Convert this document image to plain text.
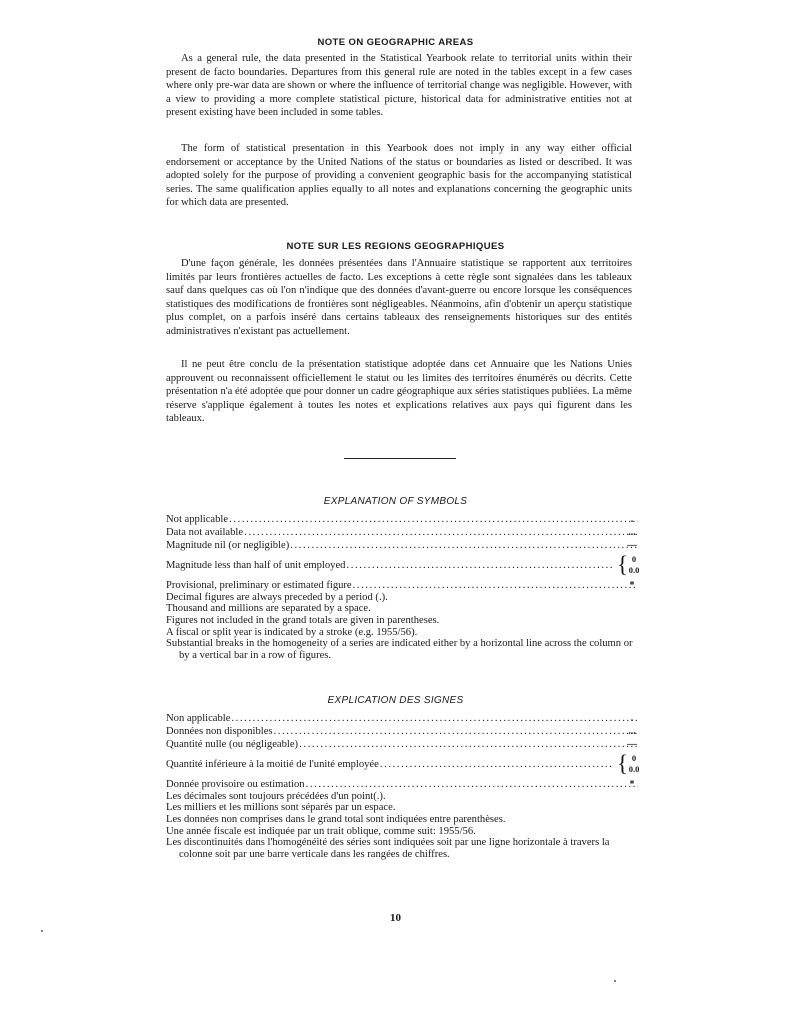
NOTE ON GEOGRAPHIC AREAS

As a general rule, the data presented in the Statistical Yearbook relate to territorial units within their present de facto boundaries. Departures from this general rule are noted in the tables except in a few cases where only pre-war data are shown or where the influence of territorial change was negligible. However, with a view to providing a more complete statistical picture, historical data for administrative entities not at present existing have been included in some tables.

The form of statistical presentation in this Yearbook does not imply in any way either official endorsement or acceptance by the United Nations of the status or boundaries as listed or described. It was adopted solely for the purpose of providing a convenient geographic basis for the accompanying statistical series. The same qualification applies equally to all notes and explanations concerning the geographic units for which data are presented.

NOTE SUR LES REGIONS GEOGRAPHIQUES

D'une façon générale, les données présentées dans l'Annuaire statistique se rapportent aux territoires limités par leurs frontières actuelles de facto. Les exceptions à cette règle sont signalées dans les tableaux sauf dans quelques cas où l'on n'indique que des données d'avant-guerre ou encore lorsque les conséquences statistiques des modifications de frontières sont négligeables. Néanmoins, afin d'obtenir un aperçu statistique plus complet, on a parfois inséré dans certains tableaux des renseignements historiques sur des entités administratives n'existant pas actuellement.

Il ne peut être conclu de la présentation statistique adoptée dans cet Annuaire que les Nations Unies approuvent ou reconnaissent officiellement le statut ou les limites des territoires énumérés ou décrits. Cette présentation n'a été adoptée que pour donner un cadre géographique aux séries statistiques publiées. La même réserve s'applique également à toutes les notes et explications relatives aux pays qui figurent dans les tableaux.

EXPLANATION OF SYMBOLS
Not applicable .....	.
Data not available .....	...
Magnitude nil (or negligible) .....	—
Magnitude less than half of unit employed .....	{ 0
0.0
Provisional, preliminary or estimated figure .....	*
Decimal figures are always preceded by a period (.).
Thousand and millions are separated by a space.
Figures not included in the grand totals are given in parentheses.
A fiscal or split year is indicated by a stroke (e.g. 1955/56).
Substantial breaks in the homogeneity of a series are indicated either by a horizontal line across the column or by a vertical bar in a row of figures.
EXPLICATION DES SIGNES
Non applicable .....	.
Données non disponibles .....	...
Quantité nulle (ou négligeable) .....	—
Quantité inférieure à la moitié de l'unité employée .....	{ 0
0.0
Donnée provisoire ou estimation .....	*
Les décimales sont toujours précédées d'un point(.).
Les milliers et les millions sont séparés par un espace.
Les données non comprises dans le grand total sont indiquées entre parenthèses.
Une année fiscale est indiquée par un trait oblique, comme suit: 1955/56.
Les discontinuités dans l'homogénéité des séries sont indiquées soit par une ligne horizontale à travers la colonne soit par une barre verticale dans les rangées de chiffres.

10
